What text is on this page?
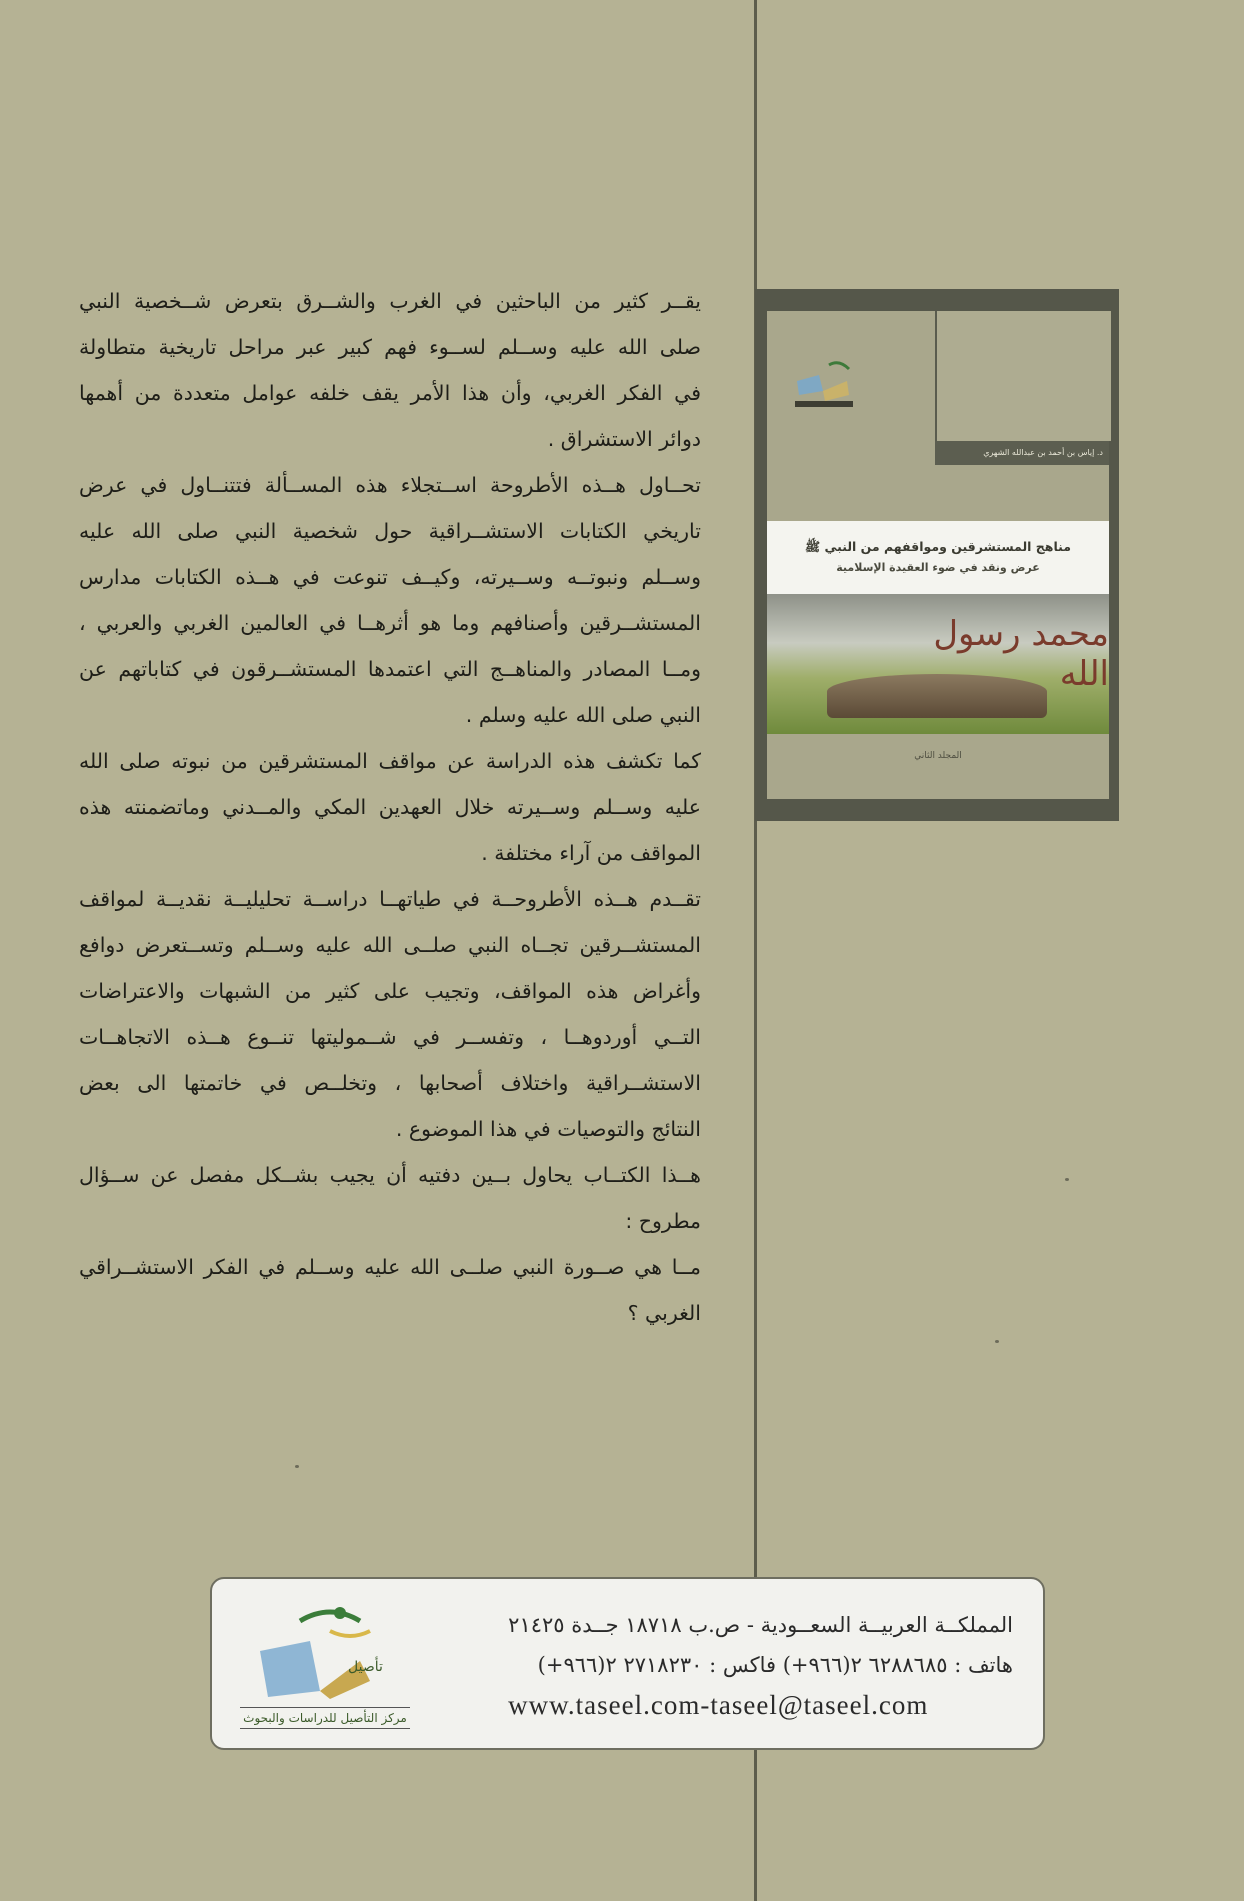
يقــر كثير من الباحثين في الغرب والشــرق بتعرض شــخصية النبي
صلى الله عليه وســلم لســوء فهم كبير عبر مراحل تاريخية متطاولة
في الفكر الغربي، وأن هذا الأمر يقف خلفه عوامل متعددة من أهمها
دوائر الاستشراق .
تحــاول هــذه الأطروحة اســتجلاء هذه المســألة فتتنــاول في عرض
تاريخي الكتابات الاستشــراقية حول شخصية النبي صلى الله عليه
وســلم ونبوتــه وســيرته، وكيــف تنوعت في هــذه الكتابات مدارس
المستشــرقين وأصنافهم وما هو أثرهــا في العالمين الغربي والعربي ،
ومــا المصادر والمناهــج التي اعتمدها المستشــرقون في كتاباتهم عن
النبي صلى الله عليه وسلم .
كما تكشف هذه الدراسة عن مواقف المستشرقين من نبوته صلى الله
عليه وســلم وســيرته خلال العهدين المكي والمــدني وماتضمنته هذه
المواقف من آراء مختلفة .
تقــدم هــذه الأطروحــة في طياتهــا دراســة تحليليــة نقديــة لمواقف
المستشــرقين تجــاه النبي صلــى الله عليه وســلم وتســتعرض دوافع
وأغراض هذه المواقف، وتجيب على كثير من الشبهات والاعتراضات
التــي أوردوهــا ، وتفســر في شــموليتها تنــوع هــذه الاتجاهــات
الاستشــراقية واختلاف أصحابها ، وتخلــص في خاتمتها الى بعض
النتائج والتوصيات في هذا الموضوع .
هــذا الكتــاب يحاول بــين دفتيه أن يجيب بشــكل مفصل عن ســؤال
مطروح :
مــا هي صــورة النبي صلــى الله عليه وســلم في الفكر الاستشــراقي
الغربي ؟
د. إياس بن أحمد بن عبدالله الشهري
مناهج المستشرقين ومواقفهم من النبي ﷺ
عرض ونقد في ضوء العقيدة الإسلامية
محمد رسول الله
المجلد الثاني
المملكــة العربيــة السعــودية - ص.ب ١٨٧١٨ جــدة ٢١٤٢٥
هاتف : ٦٢٨٨٦٨٥ ٢(٩٦٦+) فاكس : ٢٧١٨٢٣٠ ٢(٩٦٦+)
www.taseel.com-taseel@taseel.com
تأصيل
مركز التأصيل للدراسات والبحوث
